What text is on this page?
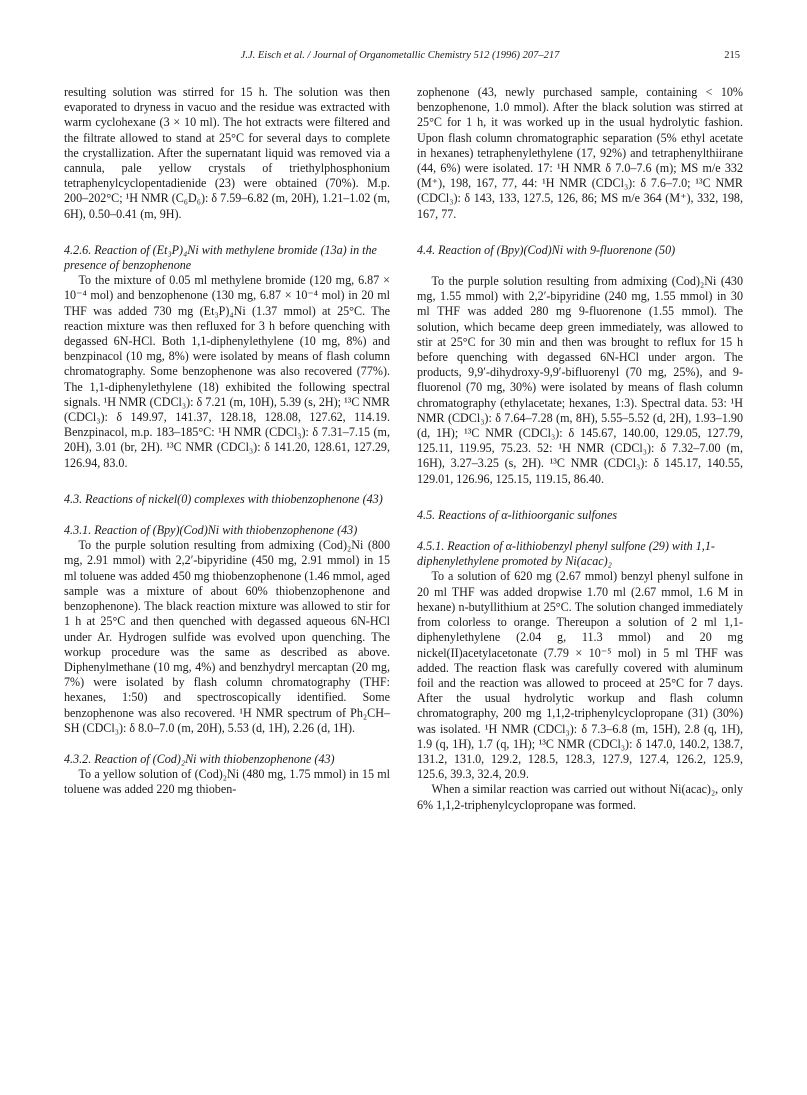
J.J. Eisch et al. / Journal of Organometallic Chemistry 512 (1996) 207–217	215

resulting solution was stirred for 15 h. The solution was then evaporated to dryness in vacuo and the residue was extracted with warm cyclohexane (3 × 10 ml). The hot extracts were filtered and the filtrate allowed to stand at 25°C for several days to complete the crystallization. After the supernatant liquid was removed via a cannula, pale yellow crystals of triethylphosphonium tetraphenylcyclopentadienide (23) were obtained (70%). M.p. 200–202°C; ¹H NMR (C₆D₆): δ 7.59–6.82 (m, 20H), 1.21–1.02 (m, 6H), 0.50–0.41 (m, 9H).

4.2.6. Reaction of (Et₃P)₄Ni with methylene bromide (13a) in the presence of benzophenone

To the mixture of 0.05 ml methylene bromide (120 mg, 6.87 × 10⁻⁴ mol) and benzophenone (130 mg, 6.87 × 10⁻⁴ mol) in 20 ml THF was added 730 mg (Et₃P)₄Ni (1.37 mmol) at 25°C. The reaction mixture was then refluxed for 3 h before quenching with degassed 6N-HCl. Both 1,1-diphenylethylene (10 mg, 8%) and benzpinacol (10 mg, 8%) were isolated by means of flash column chromatography. Some benzophenone was also recovered (77%). The 1,1-diphenylethylene (18) exhibited the following spectral signals. ¹H NMR (CDCl₃): δ 7.21 (m, 10H), 5.39 (s, 2H); ¹³C NMR (CDCl₃): δ 149.97, 141.37, 128.18, 128.08, 127.62, 114.19. Benzpinacol, m.p. 183–185°C: ¹H NMR (CDCl₃): δ 7.31–7.15 (m, 20H), 3.01 (br, 2H). ¹³C NMR (CDCl₃): δ 141.20, 128.61, 127.29, 126.94, 83.0.

4.3. Reactions of nickel(0) complexes with thiobenzophenone (43)
4.3.1. Reaction of (Bpy)(Cod)Ni with thiobenzophenone (43)

To the purple solution resulting from admixing (Cod)₂Ni (800 mg, 2.91 mmol) with 2,2′-bipyridine (450 mg, 2.91 mmol) in 15 ml toluene was added 450 mg thiobenzophenone (1.46 mmol, aged sample was a mixture of about 60% thiobenzophenone and benzophenone). The black reaction mixture was allowed to stir for 1 h at 25°C and then quenched with degassed aqueous 6N-HCl under Ar. Hydrogen sulfide was evolved upon quenching. The workup procedure was the same as described as above. Diphenylmethane (10 mg, 4%) and benzhydryl mercaptan (20 mg, 7%) were isolated by flash column chromatography (THF: hexanes, 1:50) and spectroscopically identified. Some benzophenone was also recovered. ¹H NMR spectrum of Ph₂CH–SH (CDCl₃): δ 8.0–7.0 (m, 20H), 5.53 (d, 1H), 2.26 (d, 1H).

4.3.2. Reaction of (Cod)₂Ni with thiobenzophenone (43)

To a yellow solution of (Cod)₂Ni (480 mg, 1.75 mmol) in 15 ml toluene was added 220 mg thioben-

zophenone (43, newly purchased sample, containing < 10% benzophenone, 1.0 mmol). After the black solution was stirred at 25°C for 1 h, it was worked up in the usual hydrolytic fashion. Upon flash column chromatographic separation (5% ethyl acetate in hexanes) tetraphenylethylene (17, 92%) and tetraphenylthiirane (44, 6%) were isolated. 17: ¹H NMR δ 7.0–7.6 (m); MS m/e 332 (M⁺), 198, 167, 77, 44: ¹H NMR (CDCl₃): δ 7.6–7.0; ¹³C NMR (CDCl₃): δ 143, 133, 127.5, 126, 86; MS m/e 364 (M⁺), 332, 198, 167, 77.

4.4. Reaction of (Bpy)(Cod)Ni with 9-fluorenone (50)

To the purple solution resulting from admixing (Cod)₂Ni (430 mg, 1.55 mmol) with 2,2′-bipyridine (240 mg, 1.55 mmol) in 30 ml THF was added 280 mg 9-fluorenone (1.55 mmol). The solution, which became deep green immediately, was allowed to stir at 25°C for 30 min and then was brought to reflux for 15 h before quenching with degassed 6N-HCl under argon. The products, 9,9′-dihydroxy-9,9′-bifluorenyl (70 mg, 25%), and 9-fluorenol (70 mg, 30%) were isolated by means of flash column chromatography (ethylacetate; hexanes, 1:3). Spectral data. 53: ¹H NMR (CDCl₃): δ 7.64–7.28 (m, 8H), 5.55–5.52 (d, 2H), 1.93–1.90 (d, 1H); ¹³C NMR (CDCl₃): δ 145.67, 140.00, 129.05, 127.79, 125.11, 119.95, 75.23. 52: ¹H NMR (CDCl₃): δ 7.32–7.00 (m, 16H), 3.27–3.25 (s, 2H). ¹³C NMR (CDCl₃): δ 145.17, 140.55, 129.01, 126.96, 125.15, 119.15, 86.40.

4.5. Reactions of α-lithioorganic sulfones
4.5.1. Reaction of α-lithiobenzyl phenyl sulfone (29) with 1,1-diphenylethylene promoted by Ni(acac)₂

To a solution of 620 mg (2.67 mmol) benzyl phenyl sulfone in 20 ml THF was added dropwise 1.70 ml (2.67 mmol, 1.6 M in hexane) n-butyllithium at 25°C. The solution changed immediately from colorless to orange. Thereupon a solution of 2 ml 1,1-diphenylethylene (2.04 g, 11.3 mmol) and 20 mg nickel(II)acetylacetonate (7.79 × 10⁻⁵ mol) in 5 ml THF was added. The reaction flask was carefully covered with aluminum foil and the reaction was allowed to proceed at 25°C for 7 days. After the usual hydrolytic workup and flash column chromatography, 200 mg 1,1,2-triphenylcyclopropane (31) (30%) was isolated. ¹H NMR (CDCl₃): δ 7.3–6.8 (m, 15H), 2.8 (q, 1H), 1.9 (q, 1H), 1.7 (q, 1H); ¹³C NMR (CDCl₃): δ 147.0, 140.2, 138.7, 131.2, 131.0, 129.2, 128.5, 128.3, 127.9, 127.4, 126.2, 125.9, 125.6, 39.3, 32.4, 20.9.

When a similar reaction was carried out without Ni(acac)₂, only 6% 1,1,2-triphenylcyclopropane was formed.
